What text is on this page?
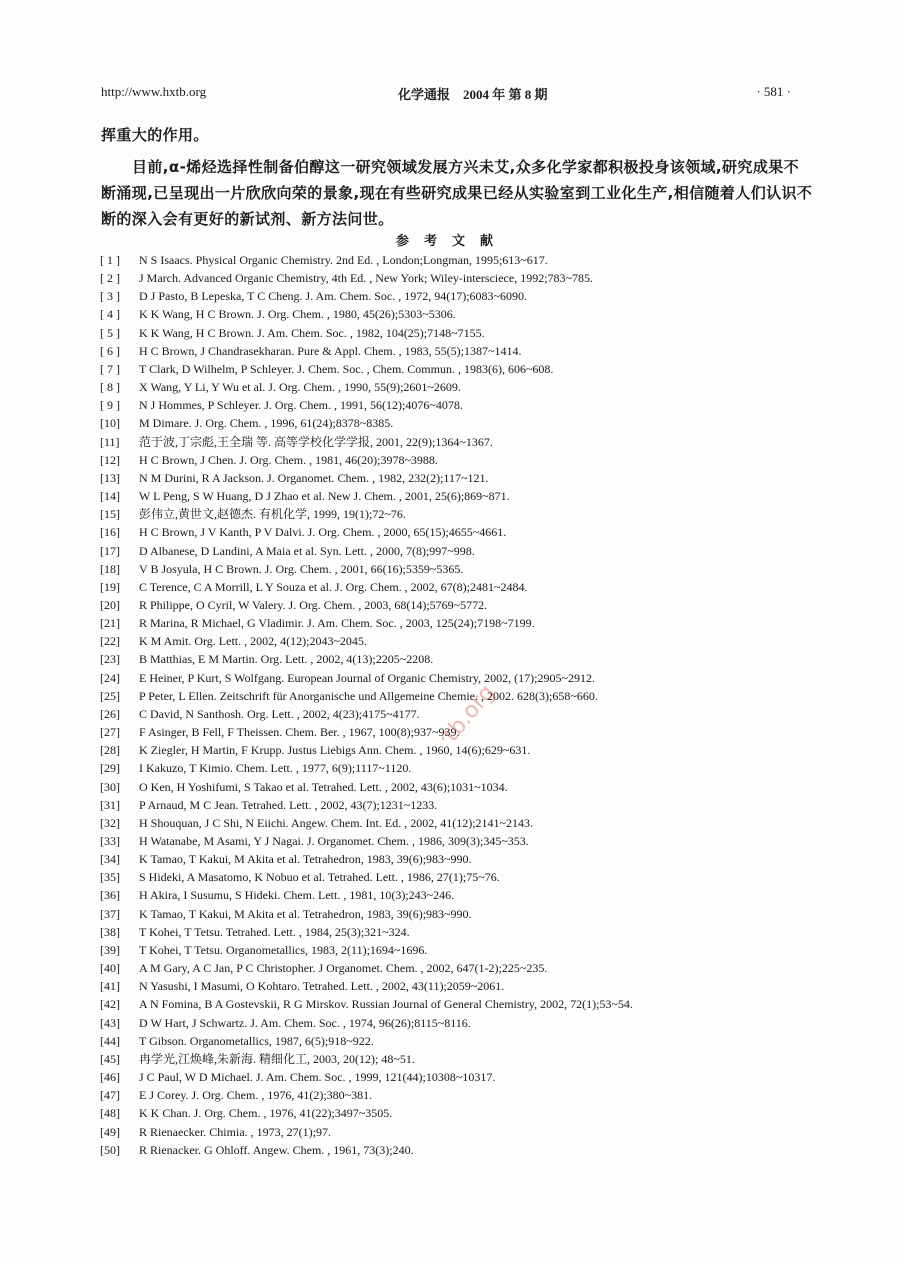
http://www.hxtb.org	化学通报　2004 年 第 8 期	· 581 ·
挥重大的作用。
目前,α-烯烃选择性制备伯醇这一研究领域发展方兴未艾,众多化学家都积极投身该领域,研究成果不断涌现,已呈现出一片欣欣向荣的景象,现在有些研究成果已经从实验室到工业化生产,相信随着人们认识不断的深入会有更好的新试剂、新方法问世。
参考文献
[ 1 ]	N S Isaacs. Physical Organic Chemistry. 2nd Ed. , London;Longman, 1995;613~617.
[ 2 ]	J March. Advanced Organic Chemistry, 4th Ed. , New York; Wiley-intersciece, 1992;783~785.
[ 3 ]	D J Pasto, B Lepeska, T C Cheng. J. Am. Chem. Soc. , 1972, 94(17);6083~6090.
[ 4 ]	K K Wang, H C Brown. J. Org. Chem. , 1980, 45(26);5303~5306.
[ 5 ]	K K Wang, H C Brown. J. Am. Chem. Soc. , 1982, 104(25);7148~7155.
[ 6 ]	H C Brown, J Chandrasekharan. Pure & Appl. Chem. , 1983, 55(5);1387~1414.
[ 7 ]	T Clark, D Wilhelm, P Schleyer. J. Chem. Soc. , Chem. Commun. , 1983(6), 606~608.
[ 8 ]	X Wang, Y Li, Y Wu et al. J. Org. Chem. , 1990, 55(9);2601~2609.
[ 9 ]	N J Hommes, P Schleyer. J. Org. Chem. , 1991, 56(12);4076~4078.
[10]	M Dimare. J. Org. Chem. , 1996, 61(24);8378~8385.
[11]	范于波,丁宗彪,王全瑞 等. 高等学校化学学报, 2001, 22(9);1364~1367.
[12]	H C Brown, J Chen. J. Org. Chem. , 1981, 46(20);3978~3988.
[13]	N M Durini, R A Jackson. J. Organomet. Chem. , 1982, 232(2);117~121.
[14]	W L Peng, S W Huang, D J Zhao et al. New J. Chem. , 2001, 25(6);869~871.
[15]	彭伟立,黄世文,赵德杰. 有机化学, 1999, 19(1);72~76.
[16]	H C Brown, J V Kanth, P V Dalvi. J. Org. Chem. , 2000, 65(15);4655~4661.
[17]	D Albanese, D Landini, A Maia et al. Syn. Lett. , 2000, 7(8);997~998.
[18]	V B Josyula, H C Brown. J. Org. Chem. , 2001, 66(16);5359~5365.
[19]	C Terence, C A Morrill, L Y Souza et al. J. Org. Chem. , 2002, 67(8);2481~2484.
[20]	R Philippe, O Cyril, W Valery. J. Org. Chem. , 2003, 68(14);5769~5772.
[21]	R Marina, R Michael, G Vladimir. J. Am. Chem. Soc. , 2003, 125(24);7198~7199.
[22]	K M Amit. Org. Lett. , 2002, 4(12);2043~2045.
[23]	B Matthias, E M Martin. Org. Lett. , 2002, 4(13);2205~2208.
[24]	E Heiner, P Kurt, S Wolfgang. European Journal of Organic Chemistry, 2002, (17);2905~2912.
[25]	P Peter, L Ellen. Zeitschrift für Anorganische und Allgemeine Chemie. , 2002. 628(3);658~660.
[26]	C David, N Santhosh. Org. Lett. , 2002, 4(23);4175~4177.
[27]	F Asinger, B Fell, F Theissen. Chem. Ber. , 1967, 100(8);937~939.
[28]	K Ziegler, H Martin, F Krupp. Justus Liebigs Ann. Chem. , 1960, 14(6);629~631.
[29]	I Kakuzo, T Kimio. Chem. Lett. , 1977, 6(9);1117~1120.
[30]	O Ken, H Yoshifumi, S Takao et al. Tetrahed. Lett. , 2002, 43(6);1031~1034.
[31]	P Arnaud, M C Jean. Tetrahed. Lett. , 2002, 43(7);1231~1233.
[32]	H Shouquan, J C Shi, N Eiichi. Angew. Chem. Int. Ed. , 2002, 41(12);2141~2143.
[33]	H Watanabe, M Asami, Y J Nagai. J. Organomet. Chem. , 1986, 309(3);345~353.
[34]	K Tamao, T Kakui, M Akita et al. Tetrahedron, 1983, 39(6);983~990.
[35]	S Hideki, A Masatomo, K Nobuo et al. Tetrahed. Lett. , 1986, 27(1);75~76.
[36]	H Akira, I Susumu, S Hideki. Chem. Lett. , 1981, 10(3);243~246.
[37]	K Tamao, T Kakui, M Akita et al. Tetrahedron, 1983, 39(6);983~990.
[38]	T Kohei, T Tetsu. Tetrahed. Lett. , 1984, 25(3);321~324.
[39]	T Kohei, T Tetsu. Organometallics, 1983, 2(11);1694~1696.
[40]	A M Gary, A C Jan, P C Christopher. J Organomet. Chem. , 2002, 647(1-2);225~235.
[41]	N Yasushi, I Masumi, O Kohtaro. Tetrahed. Lett. , 2002, 43(11);2059~2061.
[42]	A N Fomina, B A Gostevskii, R G Mirskov. Russian Journal of General Chemistry, 2002, 72(1);53~54.
[43]	D W Hart, J Schwartz. J. Am. Chem. Soc. , 1974, 96(26);8115~8116.
[44]	T Gibson. Organometallics, 1987, 6(5);918~922.
[45]	冉学光,江焕峰,朱新海. 精细化工, 2003, 20(12); 48~51.
[46]	J C Paul, W D Michael. J. Am. Chem. Soc. , 1999, 121(44);10308~10317.
[47]	E J Corey. J. Org. Chem. , 1976, 41(2);380~381.
[48]	K K Chan. J. Org. Chem. , 1976, 41(22);3497~3505.
[49]	R Rienaecker. Chimia. , 1973, 27(1);97.
[50]	R Rienacker. G Ohloff. Angew. Chem. , 1961, 73(3);240.
